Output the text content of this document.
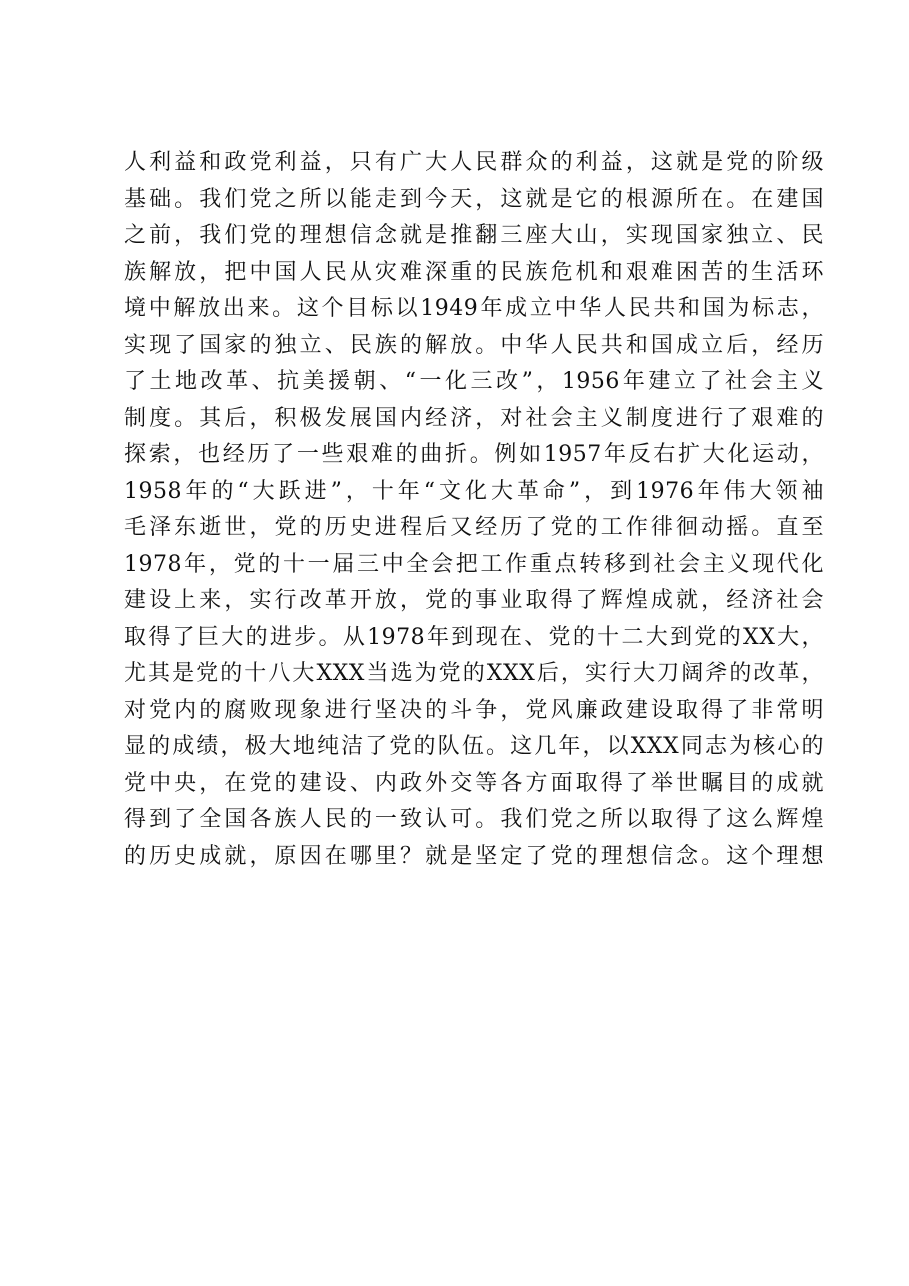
人利益和政党利益，只有广大人民群众的利益，这就是党的阶级
基础。我们党之所以能走到今天，这就是它的根源所在。在建国
之前，我们党的理想信念就是推翻三座大山，实现国家独立、民
族解放，把中国人民从灾难深重的民族危机和艰难困苦的生活环
境中解放出来。这个目标以1949年成立中华人民共和国为标志，
实现了国家的独立、民族的解放。中华人民共和国成立后，经历
了土地改革、抗美援朝、“一化三改”，1956年建立了社会主义
制度。其后，积极发展国内经济，对社会主义制度进行了艰难的
探索，也经历了一些艰难的曲折。例如1957年反右扩大化运动，
1958年的“大跃进”，十年“文化大革命”，到1976年伟大领袖
毛泽东逝世，党的历史进程后又经历了党的工作徘徊动摇。直至
1978年，党的十一届三中全会把工作重点转移到社会主义现代化
建设上来，实行改革开放，党的事业取得了辉煌成就，经济社会
取得了巨大的进步。从1978年到现在、党的十二大到党的XX大，
尤其是党的十八大XXX当选为党的XXX后，实行大刀阔斧的改革，
对党内的腐败现象进行坚决的斗争，党风廉政建设取得了非常明
显的成绩，极大地纯洁了党的队伍。这几年，以XXX同志为核心的
党中央，在党的建设、内政外交等各方面取得了举世瞩目的成就
得到了全国各族人民的一致认可。我们党之所以取得了这么辉煌
的历史成就，原因在哪里？就是坚定了党的理想信念。这个理想
